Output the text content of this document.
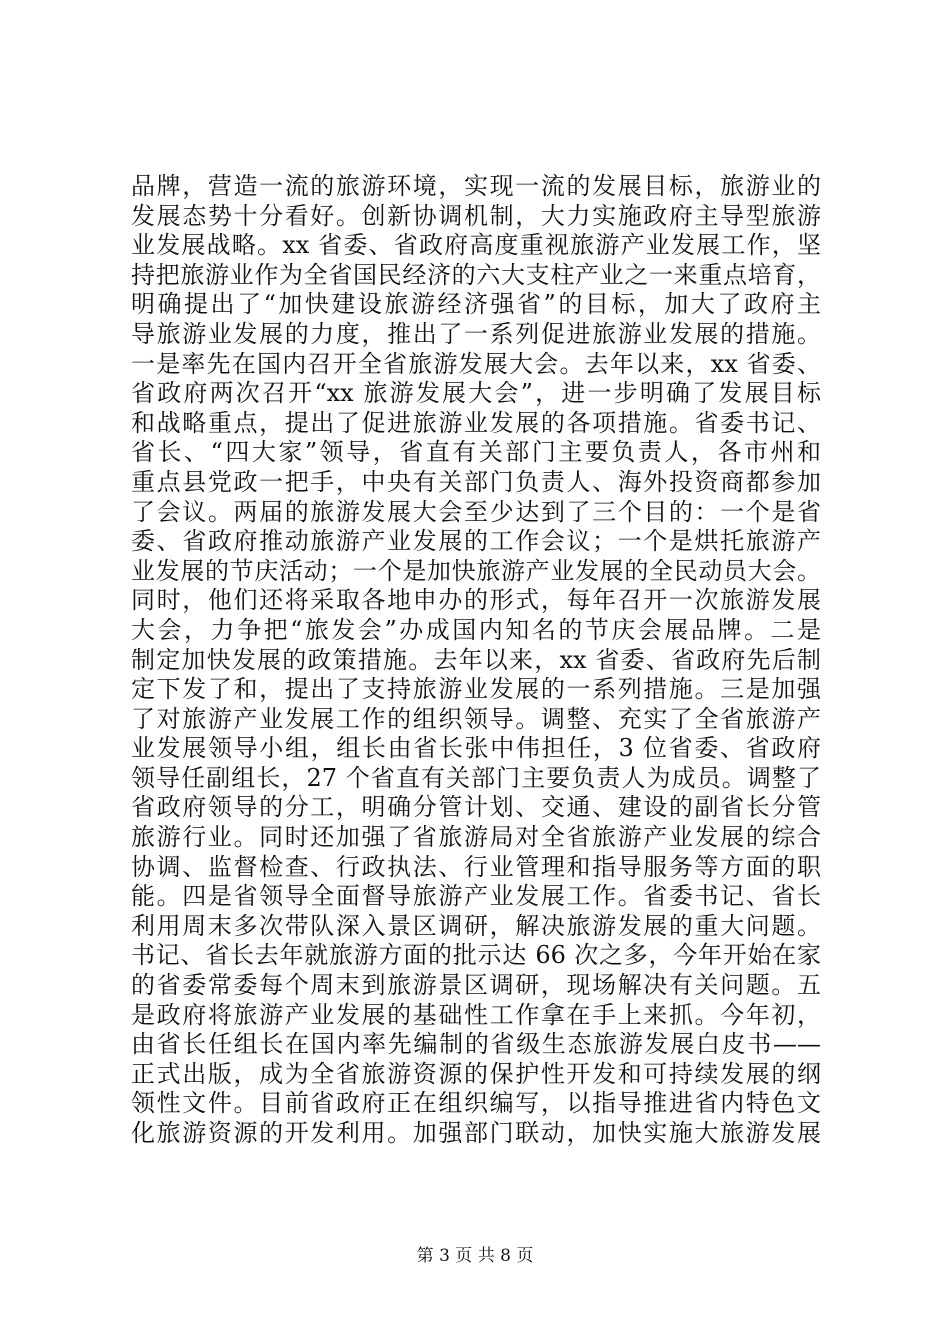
品牌，营造一流的旅游环境，实现一流的发展目标，旅游业的
发展态势十分看好。创新协调机制，大力实施政府主导型旅游
业发展战略。xx 省委、省政府高度重视旅游产业发展工作，坚
持把旅游业作为全省国民经济的六大支柱产业之一来重点培育，
明确提出了“加快建设旅游经济强省”的目标，加大了政府主
导旅游业发展的力度，推出了一系列促进旅游业发展的措施。
一是率先在国内召开全省旅游发展大会。去年以来，xx 省委、
省政府两次召开“xx 旅游发展大会”，进一步明确了发展目标
和战略重点，提出了促进旅游业发展的各项措施。省委书记、
省长、“四大家”领导，省直有关部门主要负责人，各市州和
重点县党政一把手，中央有关部门负责人、海外投资商都参加
了会议。两届的旅游发展大会至少达到了三个目的：一个是省
委、省政府推动旅游产业发展的工作会议；一个是烘托旅游产
业发展的节庆活动；一个是加快旅游产业发展的全民动员大会。
同时，他们还将采取各地申办的形式，每年召开一次旅游发展
大会，力争把“旅发会”办成国内知名的节庆会展品牌。二是
制定加快发展的政策措施。去年以来，xx 省委、省政府先后制
定下发了和，提出了支持旅游业发展的一系列措施。三是加强
了对旅游产业发展工作的组织领导。调整、充实了全省旅游产
业发展领导小组，组长由省长张中伟担任，3 位省委、省政府
领导任副组长，27 个省直有关部门主要负责人为成员。调整了
省政府领导的分工，明确分管计划、交通、建设的副省长分管
旅游行业。同时还加强了省旅游局对全省旅游产业发展的综合
协调、监督检查、行政执法、行业管理和指导服务等方面的职
能。四是省领导全面督导旅游产业发展工作。省委书记、省长
利用周末多次带队深入景区调研，解决旅游发展的重大问题。
书记、省长去年就旅游方面的批示达 66 次之多，今年开始在家
的省委常委每个周末到旅游景区调研，现场解决有关问题。五
是政府将旅游产业发展的基础性工作拿在手上来抓。今年初，
由省长任组长在国内率先编制的省级生态旅游发展白皮书——
正式出版，成为全省旅游资源的保护性开发和可持续发展的纲
领性文件。目前省政府正在组织编写，以指导推进省内特色文
化旅游资源的开发利用。加强部门联动，加快实施大旅游发展
第 3 页 共 8 页
